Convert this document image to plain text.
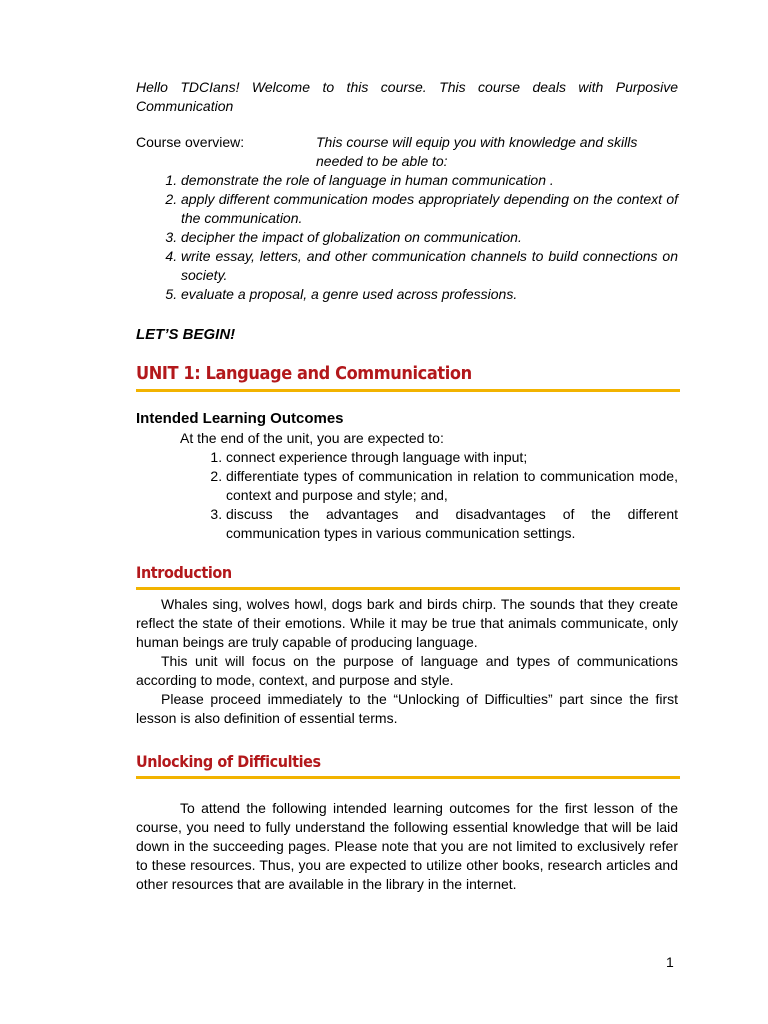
Hello TDCIans! Welcome to this course. This course deals with Purposive Communication

Course overview:	This course will equip you with knowledge and skills needed to be able to:
1. demonstrate the role of language in human communication .
2. apply different communication modes appropriately depending on the context of the communication.
3. decipher the impact of globalization on communication.
4. write essay, letters, and other communication channels to build connections on society.
5. evaluate a proposal, a genre used across professions.
LET’S BEGIN!
UNIT 1: Language and Communication
Intended Learning Outcomes
At the end of the unit, you are expected to:
1. connect experience through language with input;
2. differentiate types of communication in relation to communication mode, context and purpose and style; and,
3. discuss the advantages and disadvantages of the different communication types in various communication settings.
Introduction

Whales sing, wolves howl, dogs bark and birds chirp. The sounds that they create reflect the state of their emotions. While it may be true that animals communicate, only human beings are truly capable of producing language.

This unit will focus on the purpose of language and types of communications according to mode, context, and purpose and style.

Please proceed immediately to the “Unlocking of Difficulties” part since the first lesson is also definition of essential terms.

Unlocking of Difficulties

To attend the following intended learning outcomes for the first lesson of the course, you need to fully understand the following essential knowledge that will be laid down in the succeeding pages. Please note that you are not limited to exclusively refer to these resources. Thus, you are expected to utilize other books, research articles and other resources that are available in the library in the internet.

1
